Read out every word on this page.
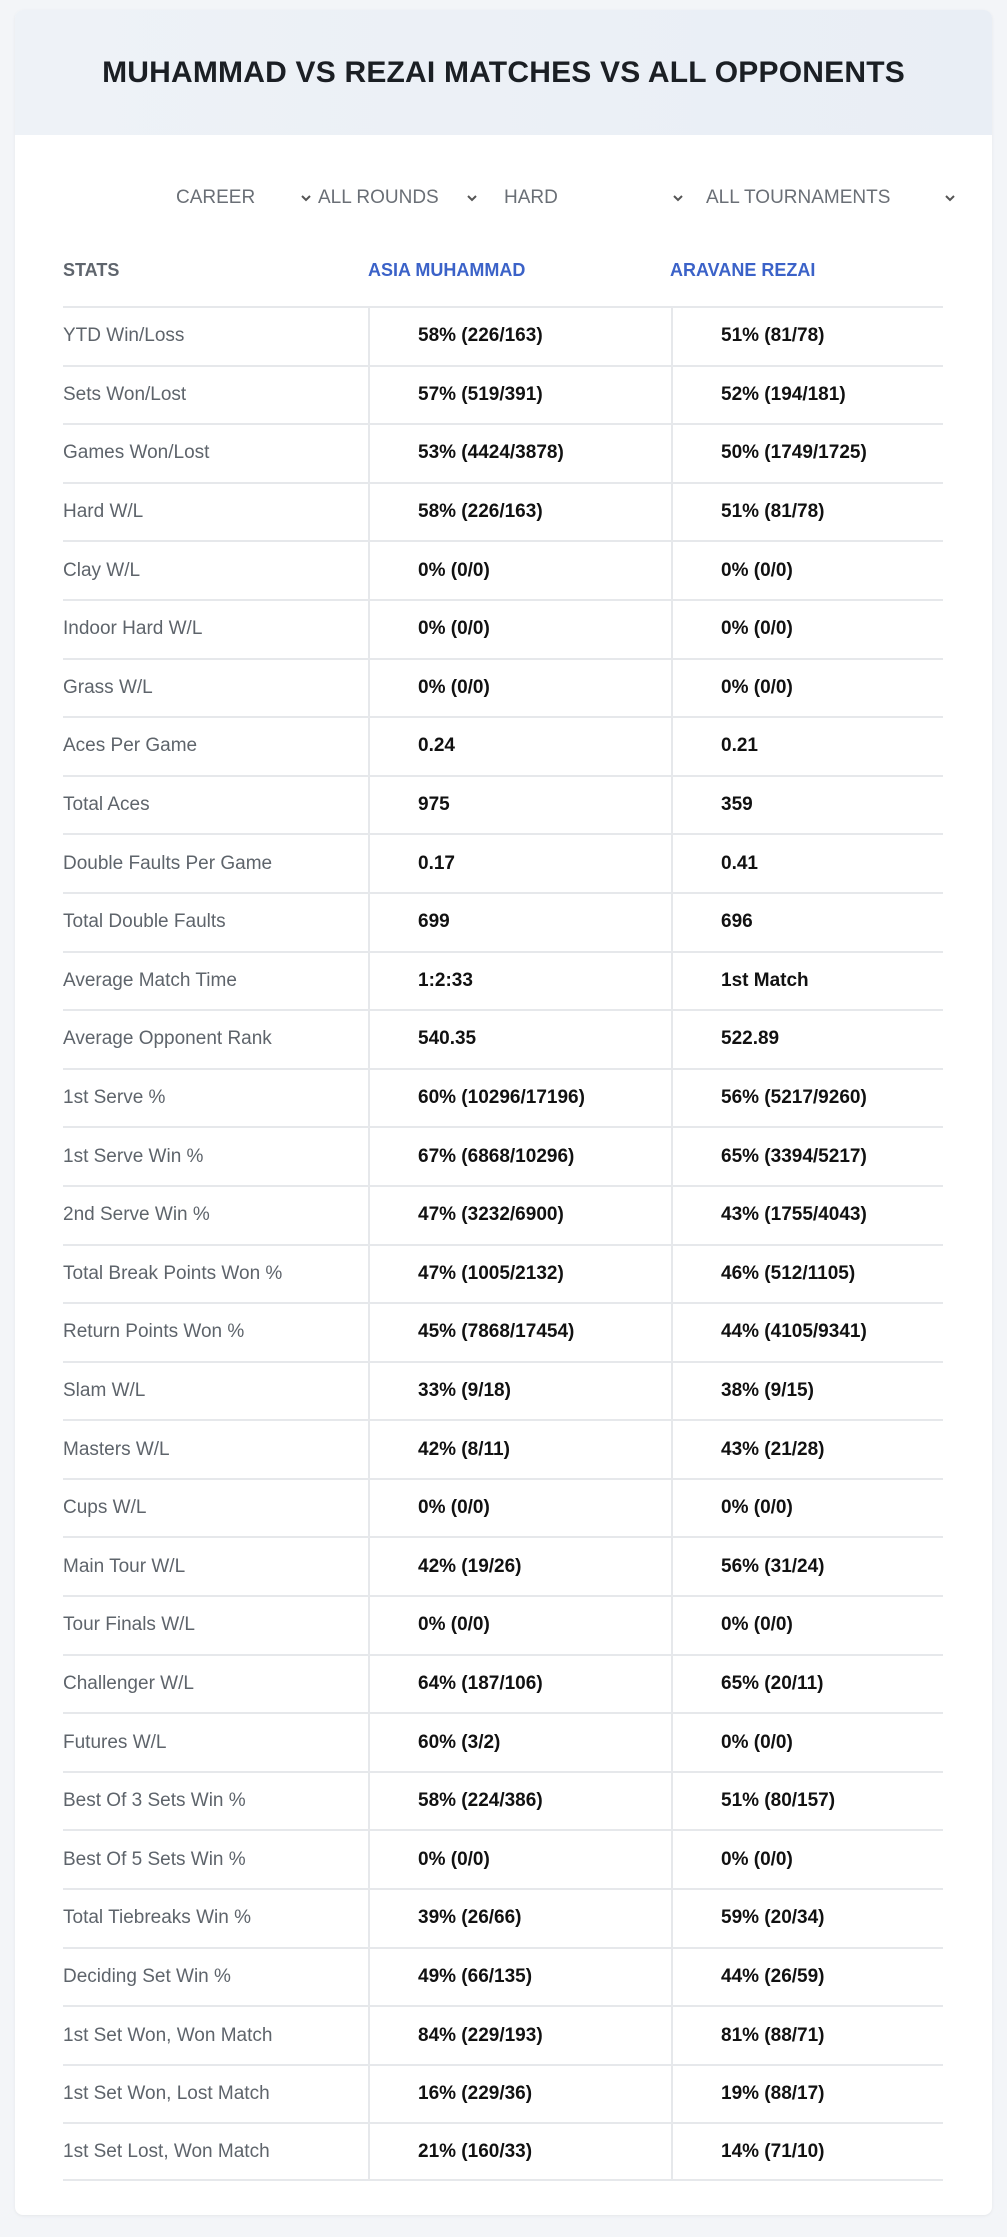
MUHAMMAD VS REZAI MATCHES VS ALL OPPONENTS
CAREER	ALL ROUNDS	HARD	ALL TOURNAMENTS
STATS	ASIA MUHAMMAD	ARAVANE REZAI
YTD Win/Loss	58% (226/163)	51% (81/78)
Sets Won/Lost	57% (519/391)	52% (194/181)
Games Won/Lost	53% (4424/3878)	50% (1749/1725)
Hard W/L	58% (226/163)	51% (81/78)
Clay W/L	0% (0/0)	0% (0/0)
Indoor Hard W/L	0% (0/0)	0% (0/0)
Grass W/L	0% (0/0)	0% (0/0)
Aces Per Game	0.24	0.21
Total Aces	975	359
Double Faults Per Game	0.17	0.41
Total Double Faults	699	696
Average Match Time	1:2:33	1st Match
Average Opponent Rank	540.35	522.89
1st Serve %	60% (10296/17196)	56% (5217/9260)
1st Serve Win %	67% (6868/10296)	65% (3394/5217)
2nd Serve Win %	47% (3232/6900)	43% (1755/4043)
Total Break Points Won %	47% (1005/2132)	46% (512/1105)
Return Points Won %	45% (7868/17454)	44% (4105/9341)
Slam W/L	33% (9/18)	38% (9/15)
Masters W/L	42% (8/11)	43% (21/28)
Cups W/L	0% (0/0)	0% (0/0)
Main Tour W/L	42% (19/26)	56% (31/24)
Tour Finals W/L	0% (0/0)	0% (0/0)
Challenger W/L	64% (187/106)	65% (20/11)
Futures W/L	60% (3/2)	0% (0/0)
Best Of 3 Sets Win %	58% (224/386)	51% (80/157)
Best Of 5 Sets Win %	0% (0/0)	0% (0/0)
Total Tiebreaks Win %	39% (26/66)	59% (20/34)
Deciding Set Win %	49% (66/135)	44% (26/59)
1st Set Won, Won Match	84% (229/193)	81% (88/71)
1st Set Won, Lost Match	16% (229/36)	19% (88/17)
1st Set Lost, Won Match	21% (160/33)	14% (71/10)
